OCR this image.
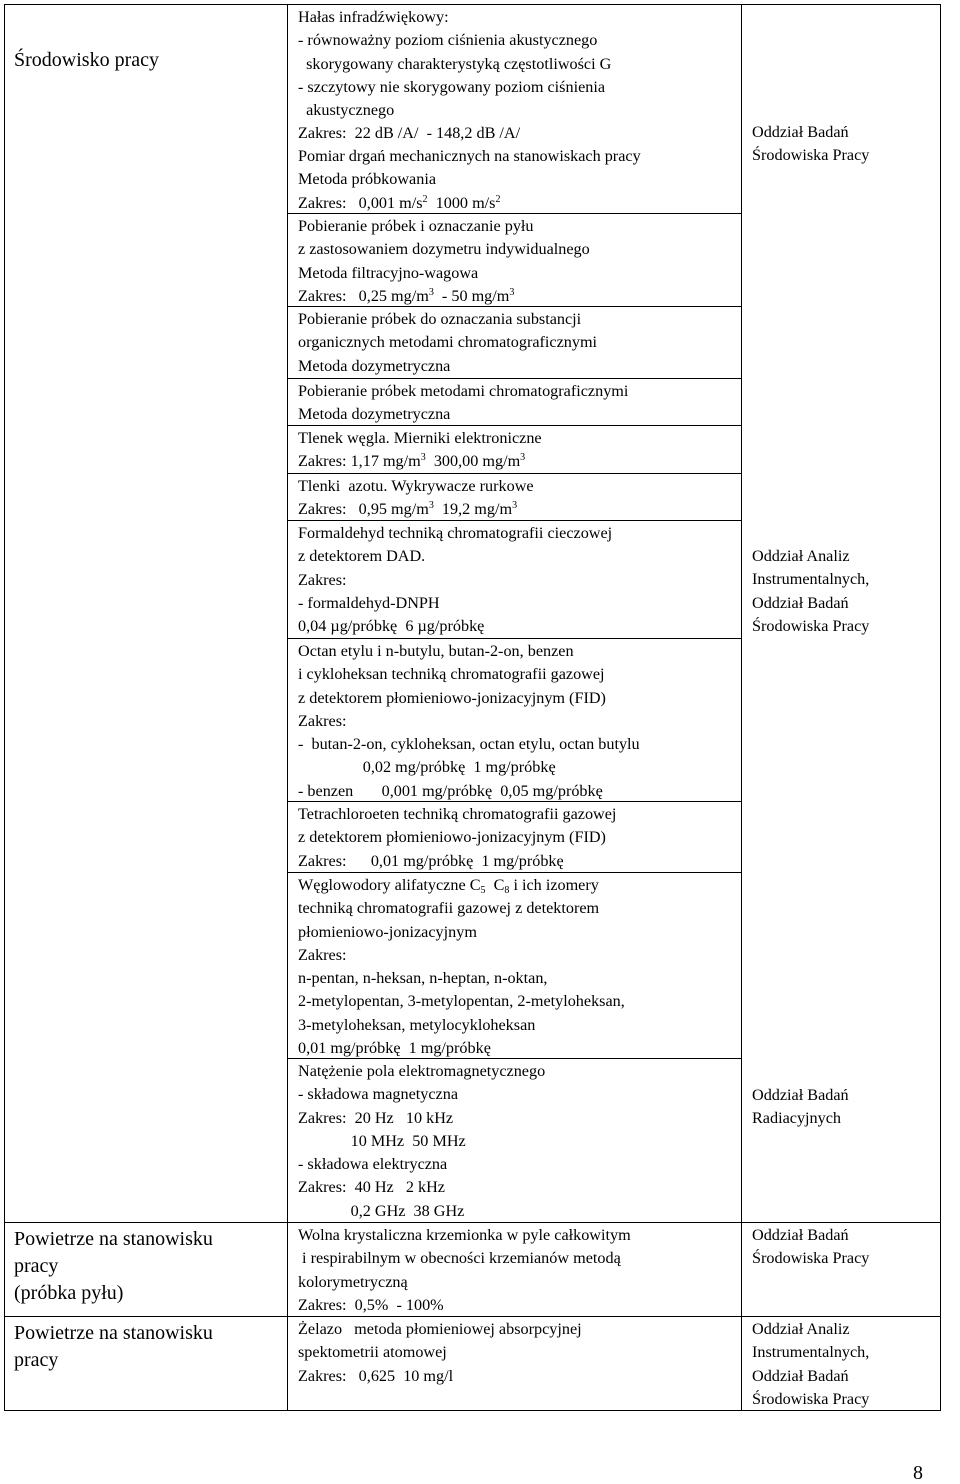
Środowisko pracy
Powietrze na stanowisku
pracy
(próbka pyłu)
Powietrze na stanowisku
pracy
Hałas infradźwiękowy:
- równoważny poziom ciśnienia akustycznego
skorygowany charakterystyką częstotliwości G
- szczytowy nie skorygowany poziom ciśnienia
akustycznego
Zakres:  22 dB /A/  - 148,2 dB /A/
Pomiar drgań mechanicznych na stanowiskach pracy
Metoda próbkowania
Zakres:   0,001 $m/s^2$  1000 $m/s^2$
Pobieranie próbek i oznaczanie pyłu
z zastosowaniem dozymetru indywidualnego
Metoda filtracyjno-wagowa
Zakres:   0,25 $mg/m^3 - 50$ $mg/m^3$
Pobieranie próbek do oznaczania substancji
organicznych metodami chromatograficznymi
Metoda dozymetryczna
Pobieranie próbek metodami chromatograficznymi
Metoda dozymetryczna
Tlenek węgla. Mierniki elektroniczne
Zakres: 1,17 $mg/m^3$  300,00 $mg/m^3$
Tlenki  azotu. Wykrywacze rurkowe
Zakres:   0,95 $mg/m^3$  19,2 $mg/m^3$
Formaldehyd techniką chromatografii cieczowej
z detektorem DAD.
Zakres:
- formaldehyd-DNPH
0,04 µg/próbkę  6 µg/próbkę
Octan etylu i n-butylu, butan-2-on, benzen
i cykloheksan techniką chromatografii gazowej
z detektorem płomieniowo-jonizacyjnym (FID)
Zakres:
-  butan-2-on, cykloheksan, octan etylu, octan butylu
0,02 mg/próbkę  1 mg/próbkę
- benzen       0,001 mg/próbkę  0,05 mg/próbkę
Tetrachloroeten techniką chromatografii gazowej
z detektorem płomieniowo-jonizacyjnym (FID)
Zakres:      0,01 mg/próbkę  1 mg/próbkę
Węglowodory alifatyczne $C_5$  $C_8$ i ich izomery
techniką chromatografii gazowej z detektorem
płomieniowo-jonizacyjnym
Zakres:
n-pentan, n-heksan, n-heptan, n-oktan,
2-metylopentan, 3-metylopentan, 2-metyloheksan,
3-metyloheksan, metylocykloheksan
0,01 mg/próbkę  1 mg/próbkę
Natężenie pola elektromagnetycznego
- składowa magnetyczna
Zakres:  20 Hz   10 kHz
10 MHz  50 MHz
- składowa elektryczna
Zakres:  40 Hz   2 kHz
0,2 GHz  38 GHz
Wolna krystaliczna krzemionka w pyle całkowitym
i respirabilnym w obecności krzemianów metodą
kolorymetryczną
Zakres:  0,5%  - 100%
Żelazo   metoda płomieniowej absorpcyjnej
spektometrii atomowej
Zakres:   0,625  10 mg/l
Oddział Badań
Środowiska Pracy
Oddział Analiz
Instrumentalnych,
Oddział Badań
Środowiska Pracy
Oddział Badań
Radiacyjnych
Oddział Badań
Środowiska Pracy
Oddział Analiz
Instrumentalnych,
Oddział Badań
Środowiska Pracy
8
